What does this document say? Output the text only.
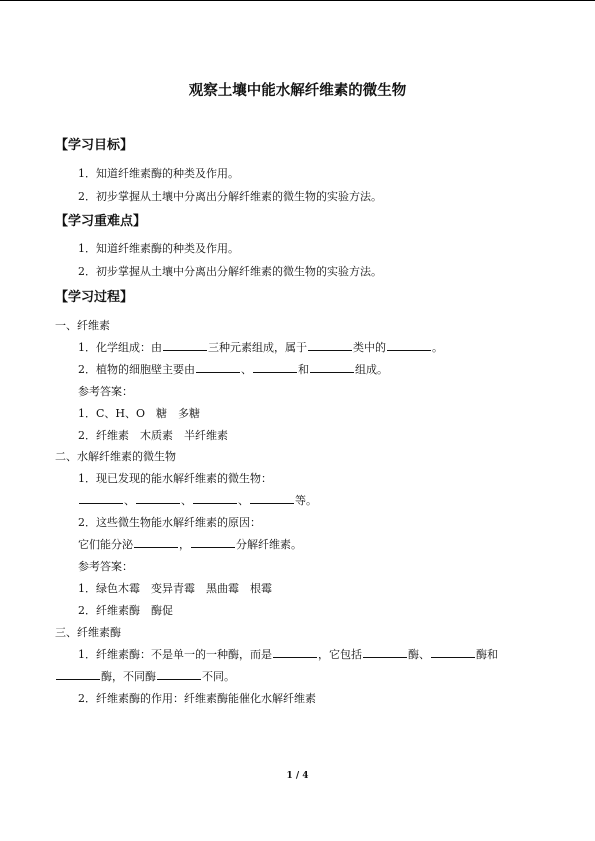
观察土壤中能水解纤维素的微生物
【学习目标】
1．知道纤维素酶的种类及作用。
2．初步掌握从土壤中分离出分解纤维素的微生物的实验方法。
【学习重难点】
1．知道纤维素酶的种类及作用。
2．初步掌握从土壤中分离出分解纤维素的微生物的实验方法。
【学习过程】
一、纤维素
1．化学组成：由	三种元素组成，属于	类中的	。
2．植物的细胞壁主要由	、	和	组成。
参考答案：
1．C、H、O　糖　多糖
2．纤维素　木质素　半纤维素
二、水解纤维素的微生物
1．现已发现的能水解纤维素的微生物：
、	、	、	等。
2．这些微生物能水解纤维素的原因：
它们能分泌	，	分解纤维素。
参考答案：
1．绿色木霉　变异青霉　黑曲霉　根霉
2．纤维素酶　酶促
三、纤维素酶
1．纤维素酶：不是单一的一种酶，而是	，它包括	酶、	酶和
酶，不同酶	不同。
2．纤维素酶的作用：纤维素酶能催化水解纤维素
1 / 4
